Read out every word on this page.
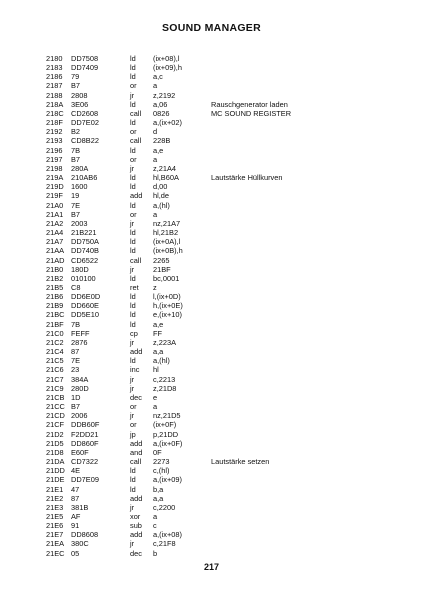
SOUND MANAGER
2180 DD7508	ld (ix+08),l
2183 DD7409	ld (ix+09),h
2186 79	ld a,c
2187 B7	or a
2188 2808	jr	z,2192
218A 3E06	ld a,06	Rauschgenerator laden
218C CD2608	call 0826	MC SOUND REGISTER
218F DD7E02	ld a,(ix+02)
2192 B2	or d
2193 CD8B22	call 228B
2196 7B	ld a,e
2197 B7	or a
2198 280A	jr	z,21A4
219A 210AB6	ld hl,B60A	Lautstärke Hüllkurven
219D 1600	ld d,00
219F 19	add hl,de
21A0 7E	ld a,(hl)
21A1 B7	or a
21A2 2003	jr	nz,21A7
21A4 21B221	ld hl,21B2
21A7 DD750A	ld (ix+0A),l
21AA DD740B	ld (ix+0B),h
21AD CD6522	call 2265
21B0 180D	jr	21BF
21B2 010100	ld bc,0001
21B5 C8	ret z
21B6 DD6E0D	ld l,(ix+0D)
21B9 DD660E	ld h,(ix+0E)
21BC DD5E10	ld e,(ix+10)
21BF 7B	ld a,e
21C0 FEFF	cp FF
21C2 2876	jr	z,223A
21C4 87	add a,a
21C5 7E	ld a,(hl)
21C6 23	inc hl
21C7 384A	jr	c,2213
21C9 280D	jr	z,21D8
21CB 1D	dec e
21CC B7	or a
21CD 2006	jr	nz,21D5
21CF DDB60F	or (ix+0F)
21D2 F2DD21	jp p,21DD
21D5 DD860F	add a,(ix+0F)
21D8 E60F	and 0F
21DA CD7322	call 2273	Lautstärke setzen
21DD 4E	ld c,(hl)
21DE DD7E09	ld a,(ix+09)
21E1 47	ld b,a
21E2 87	add a,a
21E3 381B	jr	c,2200
21E5 AF	xor a
21E6 91	sub c
21E7 DD8608	add a,(ix+08)
21EA 380C	jr	c,21F8
21EC 05	dec b
217
